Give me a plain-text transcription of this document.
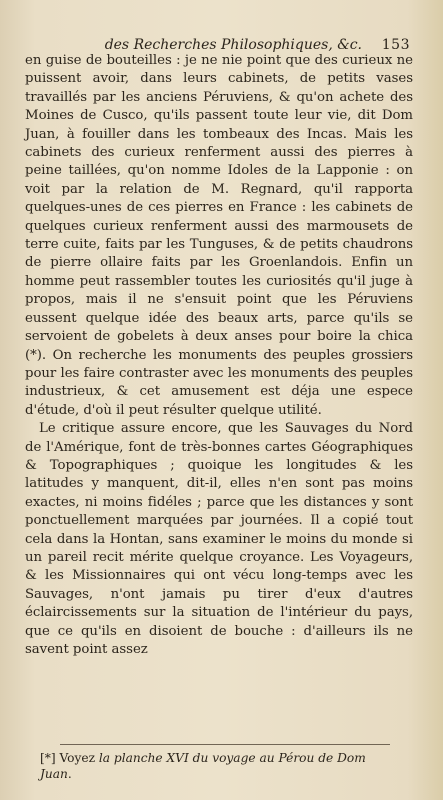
des Recherches Philosophiques, &c. 153

en guise de bouteilles : je ne nie point que des curieux ne puissent avoir, dans leurs cabinets, de petits vases travaillés par les anciens Péruviens, & qu'on achete des Moines de Cusco, qu'ils passent toute leur vie, dit Dom Juan, à fouiller dans les tombeaux des Incas. Mais les cabinets des curieux renferment aussi des pierres à peine taillées, qu'on nomme Idoles de la Lapponie : on voit par la relation de M. Regnard, qu'il rapporta quelques-unes de ces pierres en France : les cabinets de quelques curieux renferment aussi des marmousets de terre cuite, faits par les Tunguses, & de petits chaudrons de pierre ollaire faits par les Groenlandois. Enfin un homme peut rassembler toutes les curiosités qu'il juge à propos, mais il ne s'ensuit point que les Péruviens eussent quelque idée des beaux arts, parce qu'ils se servoient de gobelets à deux anses pour boire la chica (*). On recherche les monuments des peuples grossiers pour les faire contraster avec les monuments des peuples industrieux, & cet amusement est déja une espece d'étude, d'où il peut résulter quelque utilité.

Le critique assure encore, que les Sauvages du Nord de l'Amérique, font de très-bonnes cartes Géographiques & Topographiques ; quoique les longitudes & les latitudes y manquent, dit-il, elles n'en sont pas moins exactes, ni moins fidéles ; parce que les distances y sont ponctuellement marquées par journées. Il a copié tout cela dans la Hontan, sans examiner le moins du monde si un pareil recit mérite quelque croyance. Les Voyageurs, & les Missionnaires qui ont vécu long-temps avec les Sauvages, n'ont jamais pu tirer d'eux d'autres éclaircissements sur la situation de l'intérieur du pays, que ce qu'ils en disoient de bouche : d'ailleurs ils ne savent point assez

[*] Voyez la planche XVI du voyage au Pérou de Dom Juan.
